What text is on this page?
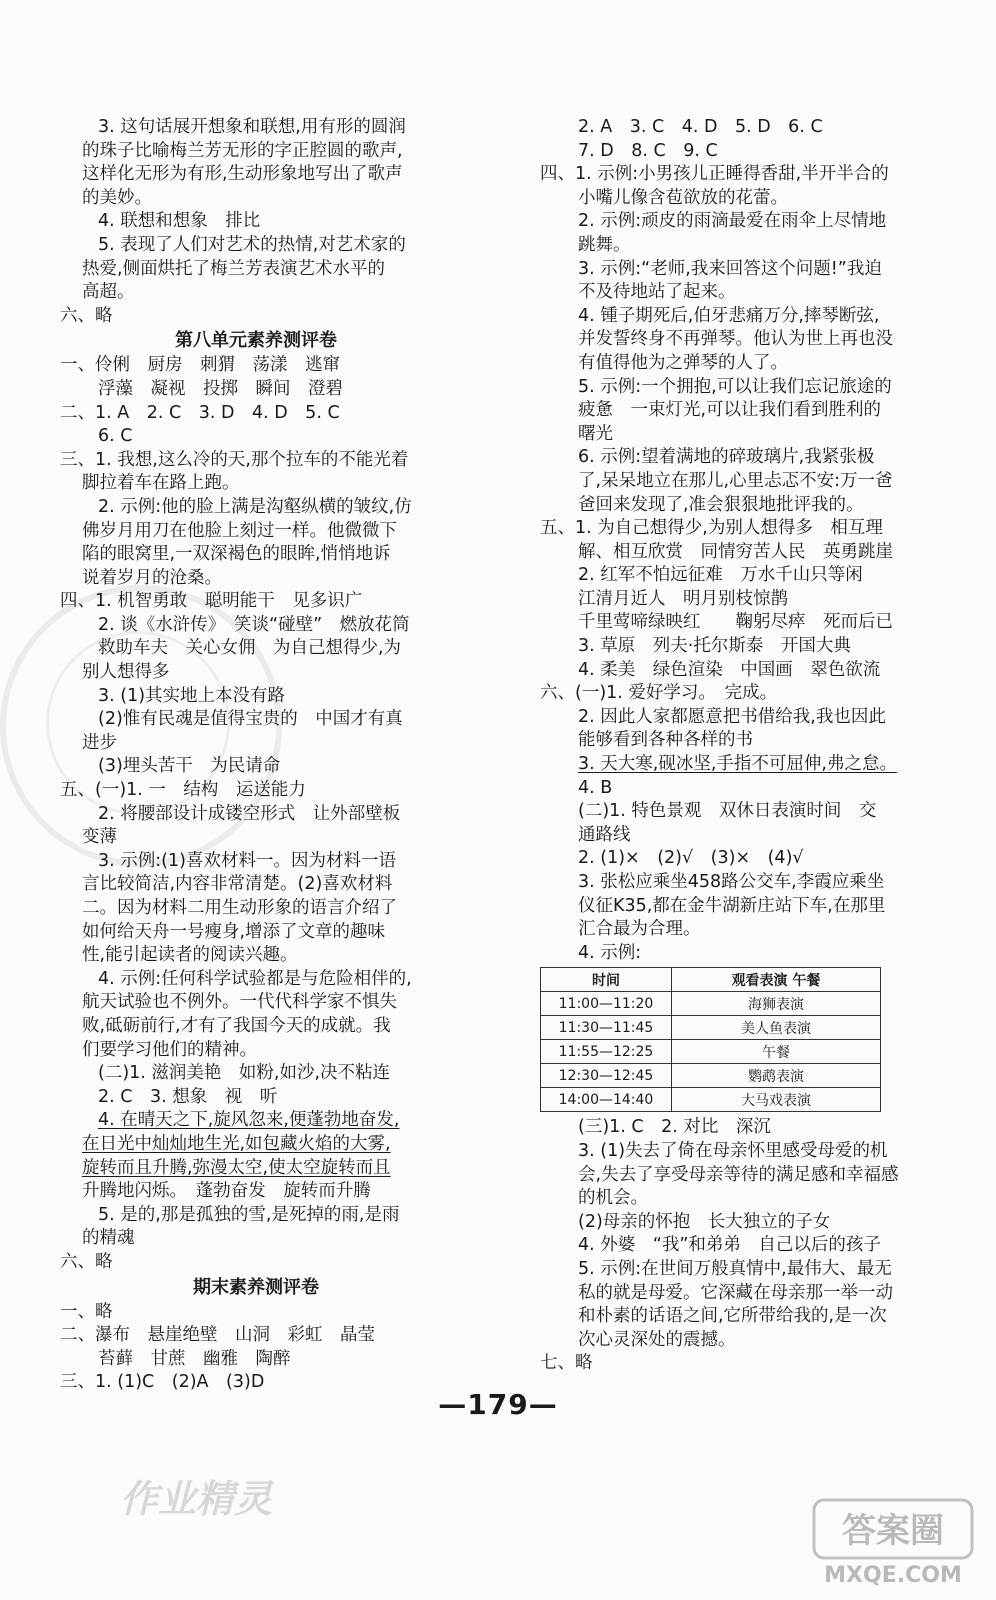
3. 这句话展开想象和联想,用有形的圆润
的珠子比喻梅兰芳无形的字正腔圆的歌声,
这样化无形为有形,生动形象地写出了歌声
的美妙。
4. 联想和想象　排比
5. 表现了人们对艺术的热情,对艺术家的
热爱,侧面烘托了梅兰芳表演艺术水平的
高超。
六、略
第八单元素养测评卷
一、伶俐　厨房　刺猬　荡漾　逃窜
浮藻　凝视　投掷　瞬间　澄碧
二、1. A　2. C　3. D　4. D　5. C
6. C
三、1. 我想,这么冷的天,那个拉车的不能光着
脚拉着车在路上跑。
2. 示例:他的脸上满是沟壑纵横的皱纹,仿
佛岁月用刀在他脸上刻过一样。他微微下
陷的眼窝里,一双深褐色的眼眸,悄悄地诉
说着岁月的沧桑。
四、1. 机智勇敢　聪明能干　见多识广
2. 谈《水浒传》　笑谈“碰壁”　燃放花筒
救助车夫　关心女佣　为自己想得少,为
别人想得多
3. (1)其实地上本没有路
(2)惟有民魂是值得宝贵的　中国才有真
进步
(3)埋头苦干　为民请命
五、(一)1. 一　结构　运送能力
2. 将腰部设计成镂空形式　让外部壁板
变薄
3. 示例:(1)喜欢材料一。因为材料一语
言比较简洁,内容非常清楚。(2)喜欢材料
二。因为材料二用生动形象的语言介绍了
如何给天舟一号瘦身,增添了文章的趣味
性,能引起读者的阅读兴趣。
4. 示例:任何科学试验都是与危险相伴的,
航天试验也不例外。一代代科学家不惧失
败,砥砺前行,才有了我国今天的成就。我
们要学习他们的精神。
(二)1. 滋润美艳　如粉,如沙,决不粘连
2. C　3. 想象　视　听
4. 在晴天之下,旋风忽来,便蓬勃地奋发,
在日光中灿灿地生光,如包藏火焰的大雾,
旋转而且升腾,弥漫太空,使太空旋转而且
升腾地闪烁。　蓬勃奋发　旋转而升腾
5. 是的,那是孤独的雪,是死掉的雨,是雨
的精魂
六、略
期末素养测评卷
一、略
二、瀑布　悬崖绝壁　山洞　彩虹　晶莹
苔藓　甘蔗　幽雅　陶醉
三、1. (1)C　(2)A　(3)D
2. A　3. C　4. D　5. D　6. C
7. D　8. C　9. C
四、1. 示例:小男孩儿正睡得香甜,半开半合的
小嘴儿像含苞欲放的花蕾。
2. 示例:顽皮的雨滴最爱在雨伞上尽情地
跳舞。
3. 示例:“老师,我来回答这个问题!”我迫
不及待地站了起来。
4. 锺子期死后,伯牙悲痛万分,摔琴断弦,
并发誓终身不再弹琴。他认为世上再也没
有值得他为之弹琴的人了。
5. 示例:一个拥抱,可以让我们忘记旅途的
疲惫　一束灯光,可以让我们看到胜利的
曙光
6. 示例:望着满地的碎玻璃片,我紧张极
了,呆呆地立在那儿,心里忐忑不安:万一爸
爸回来发现了,准会狠狠地批评我的。
五、1. 为自己想得少,为别人想得多　相互理
解、相互欣赏　同情穷苦人民　英勇跳崖
2. 红军不怕远征难　万水千山只等闲
江清月近人　明月别枝惊鹊
千里莺啼绿映红　　鞠躬尽瘁　死而后已
3. 草原　列夫·托尔斯泰　开国大典
4. 柔美　绿色渲染　中国画　翠色欲流
六、(一)1. 爱好学习。　完成。
2. 因此人家都愿意把书借给我,我也因此
能够看到各种各样的书
3. 天大寒,砚冰坚,手指不可屈伸,弗之怠。
4. B
(二)1. 特色景观　双休日表演时间　交
通路线
2. (1)×　(2)√　(3)×　(4)√
3. 张松应乘坐458路公交车,李霞应乘坐
仪征K35,都在金牛湖新庄站下车,在那里
汇合最为合理。
4. 示例:
时间	观看表演 午餐
11:00—11:20	海狮表演
11:30—11:45	美人鱼表演
11:55—12:25	午餐
12:30—12:45	鹦鹉表演
14:00—14:40	大马戏表演
(三)1. C　2. 对比　深沉
3. (1)失去了倚在母亲怀里感受母爱的机
会,失去了享受母亲等待的满足感和幸福感
的机会。
(2)母亲的怀抱　长大独立的子女
4. 外婆　“我”和弟弟　自己以后的孩子
5. 示例:在世间万般真情中,最伟大、最无
私的就是母爱。它深藏在母亲那一举一动
和朴素的话语之间,它所带给我的,是一次
次心灵深处的震撼。
七、略
—179—
作业精灵
答案圈
MXQE.COM
